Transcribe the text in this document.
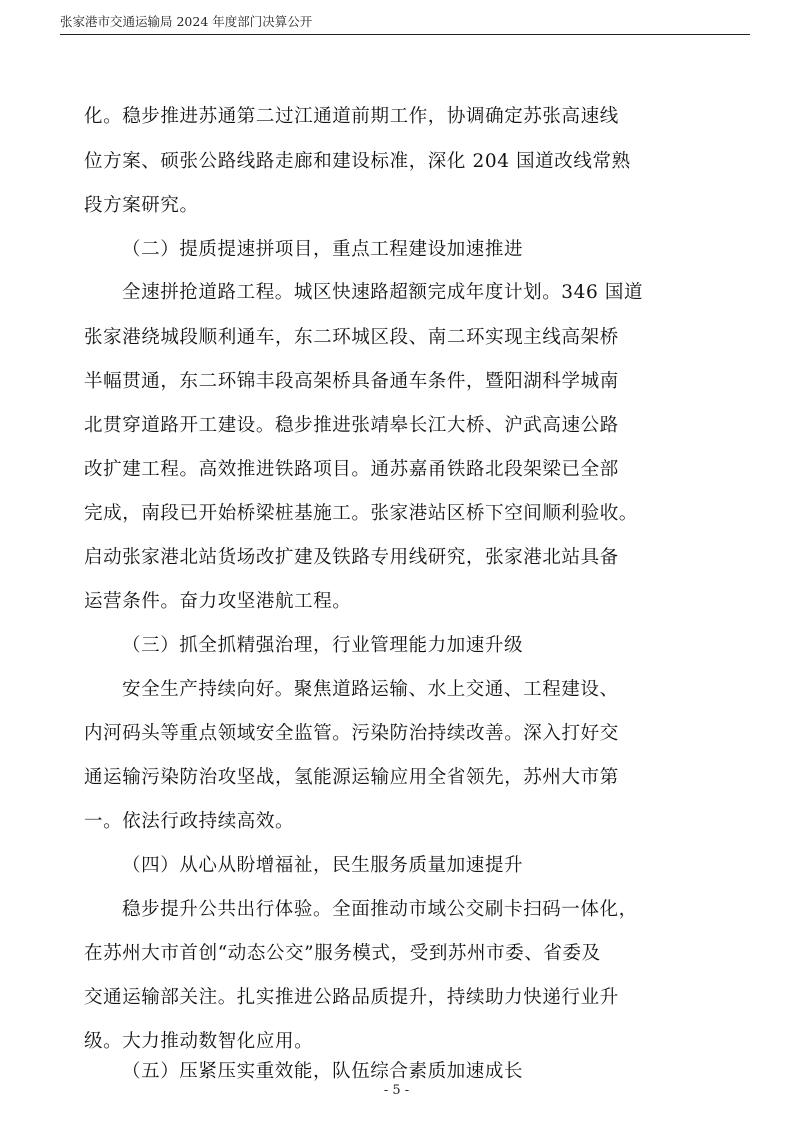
张家港市交通运输局 2024 年度部门决算公开

化。稳步推进苏通第二过江通道前期工作，协调确定苏张高速线

位方案、硕张公路线路走廊和建设标准，深化 204 国道改线常熟

段方案研究。

（二）提质提速拼项目，重点工程建设加速推进

全速拼抢道路工程。城区快速路超额完成年度计划。346 国道

张家港绕城段顺利通车，东二环城区段、南二环实现主线高架桥

半幅贯通，东二环锦丰段高架桥具备通车条件，暨阳湖科学城南

北贯穿道路开工建设。稳步推进张靖皋长江大桥、沪武高速公路

改扩建工程。高效推进铁路项目。通苏嘉甬铁路北段架梁已全部

完成，南段已开始桥梁桩基施工。张家港站区桥下空间顺利验收。

启动张家港北站货场改扩建及铁路专用线研究，张家港北站具备

运营条件。奋力攻坚港航工程。

（三）抓全抓精强治理，行业管理能力加速升级

安全生产持续向好。聚焦道路运输、水上交通、工程建设、

内河码头等重点领域安全监管。污染防治持续改善。深入打好交

通运输污染防治攻坚战，氢能源运输应用全省领先，苏州大市第

一。依法行政持续高效。

（四）从心从盼增福祉，民生服务质量加速提升

稳步提升公共出行体验。全面推动市域公交刷卡扫码一体化，

在苏州大市首创“动态公交”服务模式，受到苏州市委、省委及

交通运输部关注。扎实推进公路品质提升，持续助力快递行业升

级。大力推动数智化应用。

（五）压紧压实重效能，队伍综合素质加速成长

- 5 -
